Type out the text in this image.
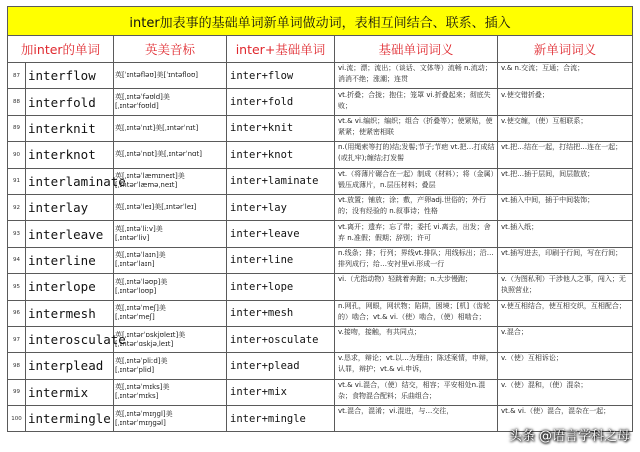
inter加表事的基础单词新单词做动词，表相互间结合、联系、插入					
加inter的单词		英美音标	inter+基础单词	基础单词词义	新单词词义
87	interflow	英[ˈɪntəfləʊ]美[ˈɪntəfloʊ]	inter+flow	vi.流；漂；流出；（谈话、文体等）流畅 n.流动；消消不绝；涨潮；连贯	v.& n.交流；互通；合流；

88	interfold	英[ˌɪntəˈfəʊld]美
[ˌɪntərˈfoʊld]	inter+fold	vt.折叠；合拢；抱住；笼罩 vi.折叠起来；彻底失败；	v.使交错折叠；

89	interknit	英[ˌɪntəˈnɪt]美[ˌɪntərˈnɪt]	inter+knit	vt.& vi.编织；编织；组合（折叠等）；使紧贴，使紧紧；使紧密相联	v.使交缠，（使）互相联系；

90	interknot	英[ˌɪntəˈnɒt]美[ˌɪntərˈnɑt]	inter+knot	n.(用绳索等打的)结;发髻;节子;节疤 vt.把…打成结(或扎牢);缠结;打发髻	vt.把…结在一起，打结把…连在一起；

91	interlaminate	英[ˌɪntəˈlæmɪneɪt]美
[ˌɪntərˈlæməˌneɪt]	inter+laminate	vt.（将薄片碾合在一起）制成（材料）；将（金属）锻压成薄片，n.层压材料；叠层	vt.把…插于层间，间层散放；

92	interlay	英[ˌɪntəˈleɪ]美[ˌɪntərˈleɪ]	inter+lay	vt.放置；铺放；涂；敷，产卵adj.世俗的；外行的；没有经验的 n.叙事诗；性格	vt.插入中间，插于中间装饰；

93	interleave	英[ˌɪntəˈliːv]美
[ˌɪntərˈliv]	inter+leave	vt.离开；遗弃；忘了带；委托 vi.离去，出发；舍弃 n.准假；假期；辞别；许可	vt.插入纸；

94	interline	英[ˌɪntəˈlaɪn]美
[ˌɪntərˈlaɪn]	inter+line	n.线条；排；行列；界线vt.排队；用线标出；沿…排列成行；给…安衬里vi.形成一行	vt.插写进去，印刷于行间，写在行间；

95	interlope	英[ˌɪntəˈləʊp]美
[ˌɪntərˈloʊp]	inter+lope	vi.（尤指动物）轻跳着奔跑；n.大步慢跑；	v.（为图私利）干涉他人之事，闯入；无执照营业；

96	intermesh	英[ˌɪntəˈmeʃ]美
[ˌɪntərˈmeʃ]	inter+mesh	n.网孔，网眼，网状物；陷阱，困境；[机]（齿轮的）啮合；vt.& vi.（使）啮合，（使）相啮合；	v.使互相结合，使互相交织，互相配合；

97	interosculate	英[ˌɪntərˈɒskjʊleɪt]美
[ˌɪntərˈɑskjəˌleɪt]	inter+osculate	v.接吻，接触，有共同点；	v.混合；

98	interplead	英[ˌɪntəˈpliːd]美
[ˌɪntərˈplid]	inter+plead	v.恳求，辩论；vt.以…为理由；陈述案情，申辩，认罪，辩护；vt.& vi.申诉，	v.（使）互相诉讼；

99	intermix	英[ˌɪntəˈmɪks]美
[ˌɪntərˈmɪks]	inter+mix	vt.& vi.混合，（使）结交，相容；平安相处n.混杂；食物混合配料；乐曲组合；	v.（使）混和，（使）混杂；

100	intermingle	英[ˌɪntəˈmɪŋgl]美
[ˌɪntərˈmɪŋgəl]	inter+mingle	vt.混合，混淆；vi.混进，与…交往，	vt.& vi.（使）混合，混杂在一起；
头条 @语言学科之母
